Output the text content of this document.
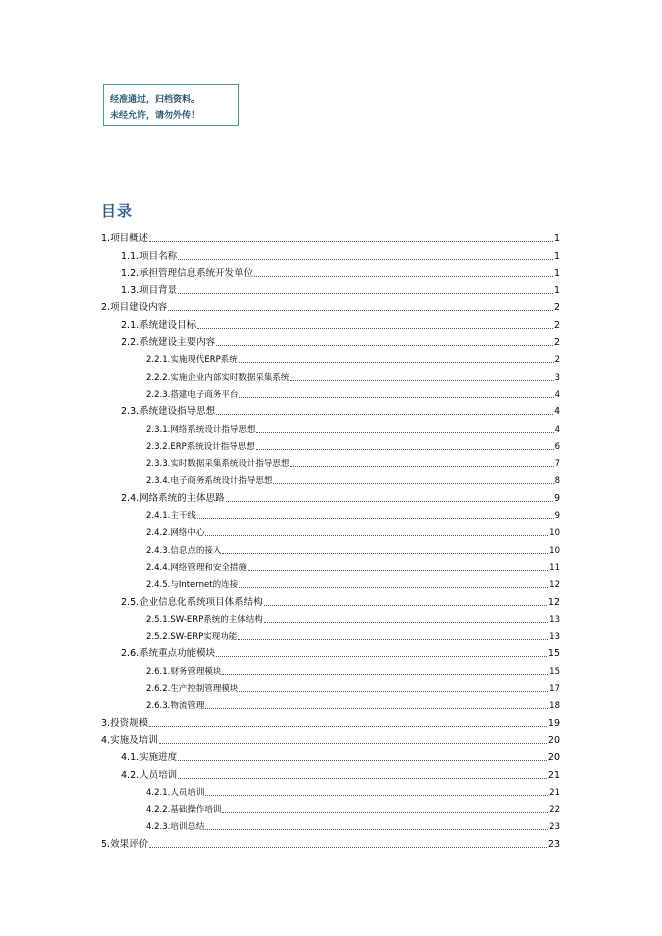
经准通过，归档资料。
未经允许，请勿外传！
目录
1.项目概述	1
1.1.项目名称	1
1.2.承担管理信息系统开发单位	1
1.3.项目背景	1
2.项目建设内容	2
2.1.系统建设目标	2
2.2.系统建设主要内容	2
2.2.1.实施现代ERP系统	2
2.2.2.实施企业内部实时数据采集系统	3
2.2.3.搭建电子商务平台	4
2.3.系统建设指导思想	4
2.3.1.网络系统设计指导思想	4
2.3.2.ERP系统设计指导思想	6
2.3.3.实时数据采集系统设计指导思想	7
2.3.4.电子商务系统设计指导思想	8
2.4.网络系统的主体思路	9
2.4.1.主干线	9
2.4.2.网络中心	10
2.4.3.信息点的接入	10
2.4.4.网络管理和安全措施	11
2.4.5.与Internet的连接	12
2.5.企业信息化系统项目体系结构	12
2.5.1.SW-ERP系统的主体结构	13
2.5.2.SW-ERP实现功能	13
2.6.系统重点功能模块	15
2.6.1.财务管理模块	15
2.6.2.生产控制管理模块	17
2.6.3.物流管理	18
3.投资规模	19
4.实施及培训	20
4.1.实施进度	20
4.2.人员培训	21
4.2.1.人员培训	21
4.2.2.基础操作培训	22
4.2.3.培训总结	23
5.效果评价	23
